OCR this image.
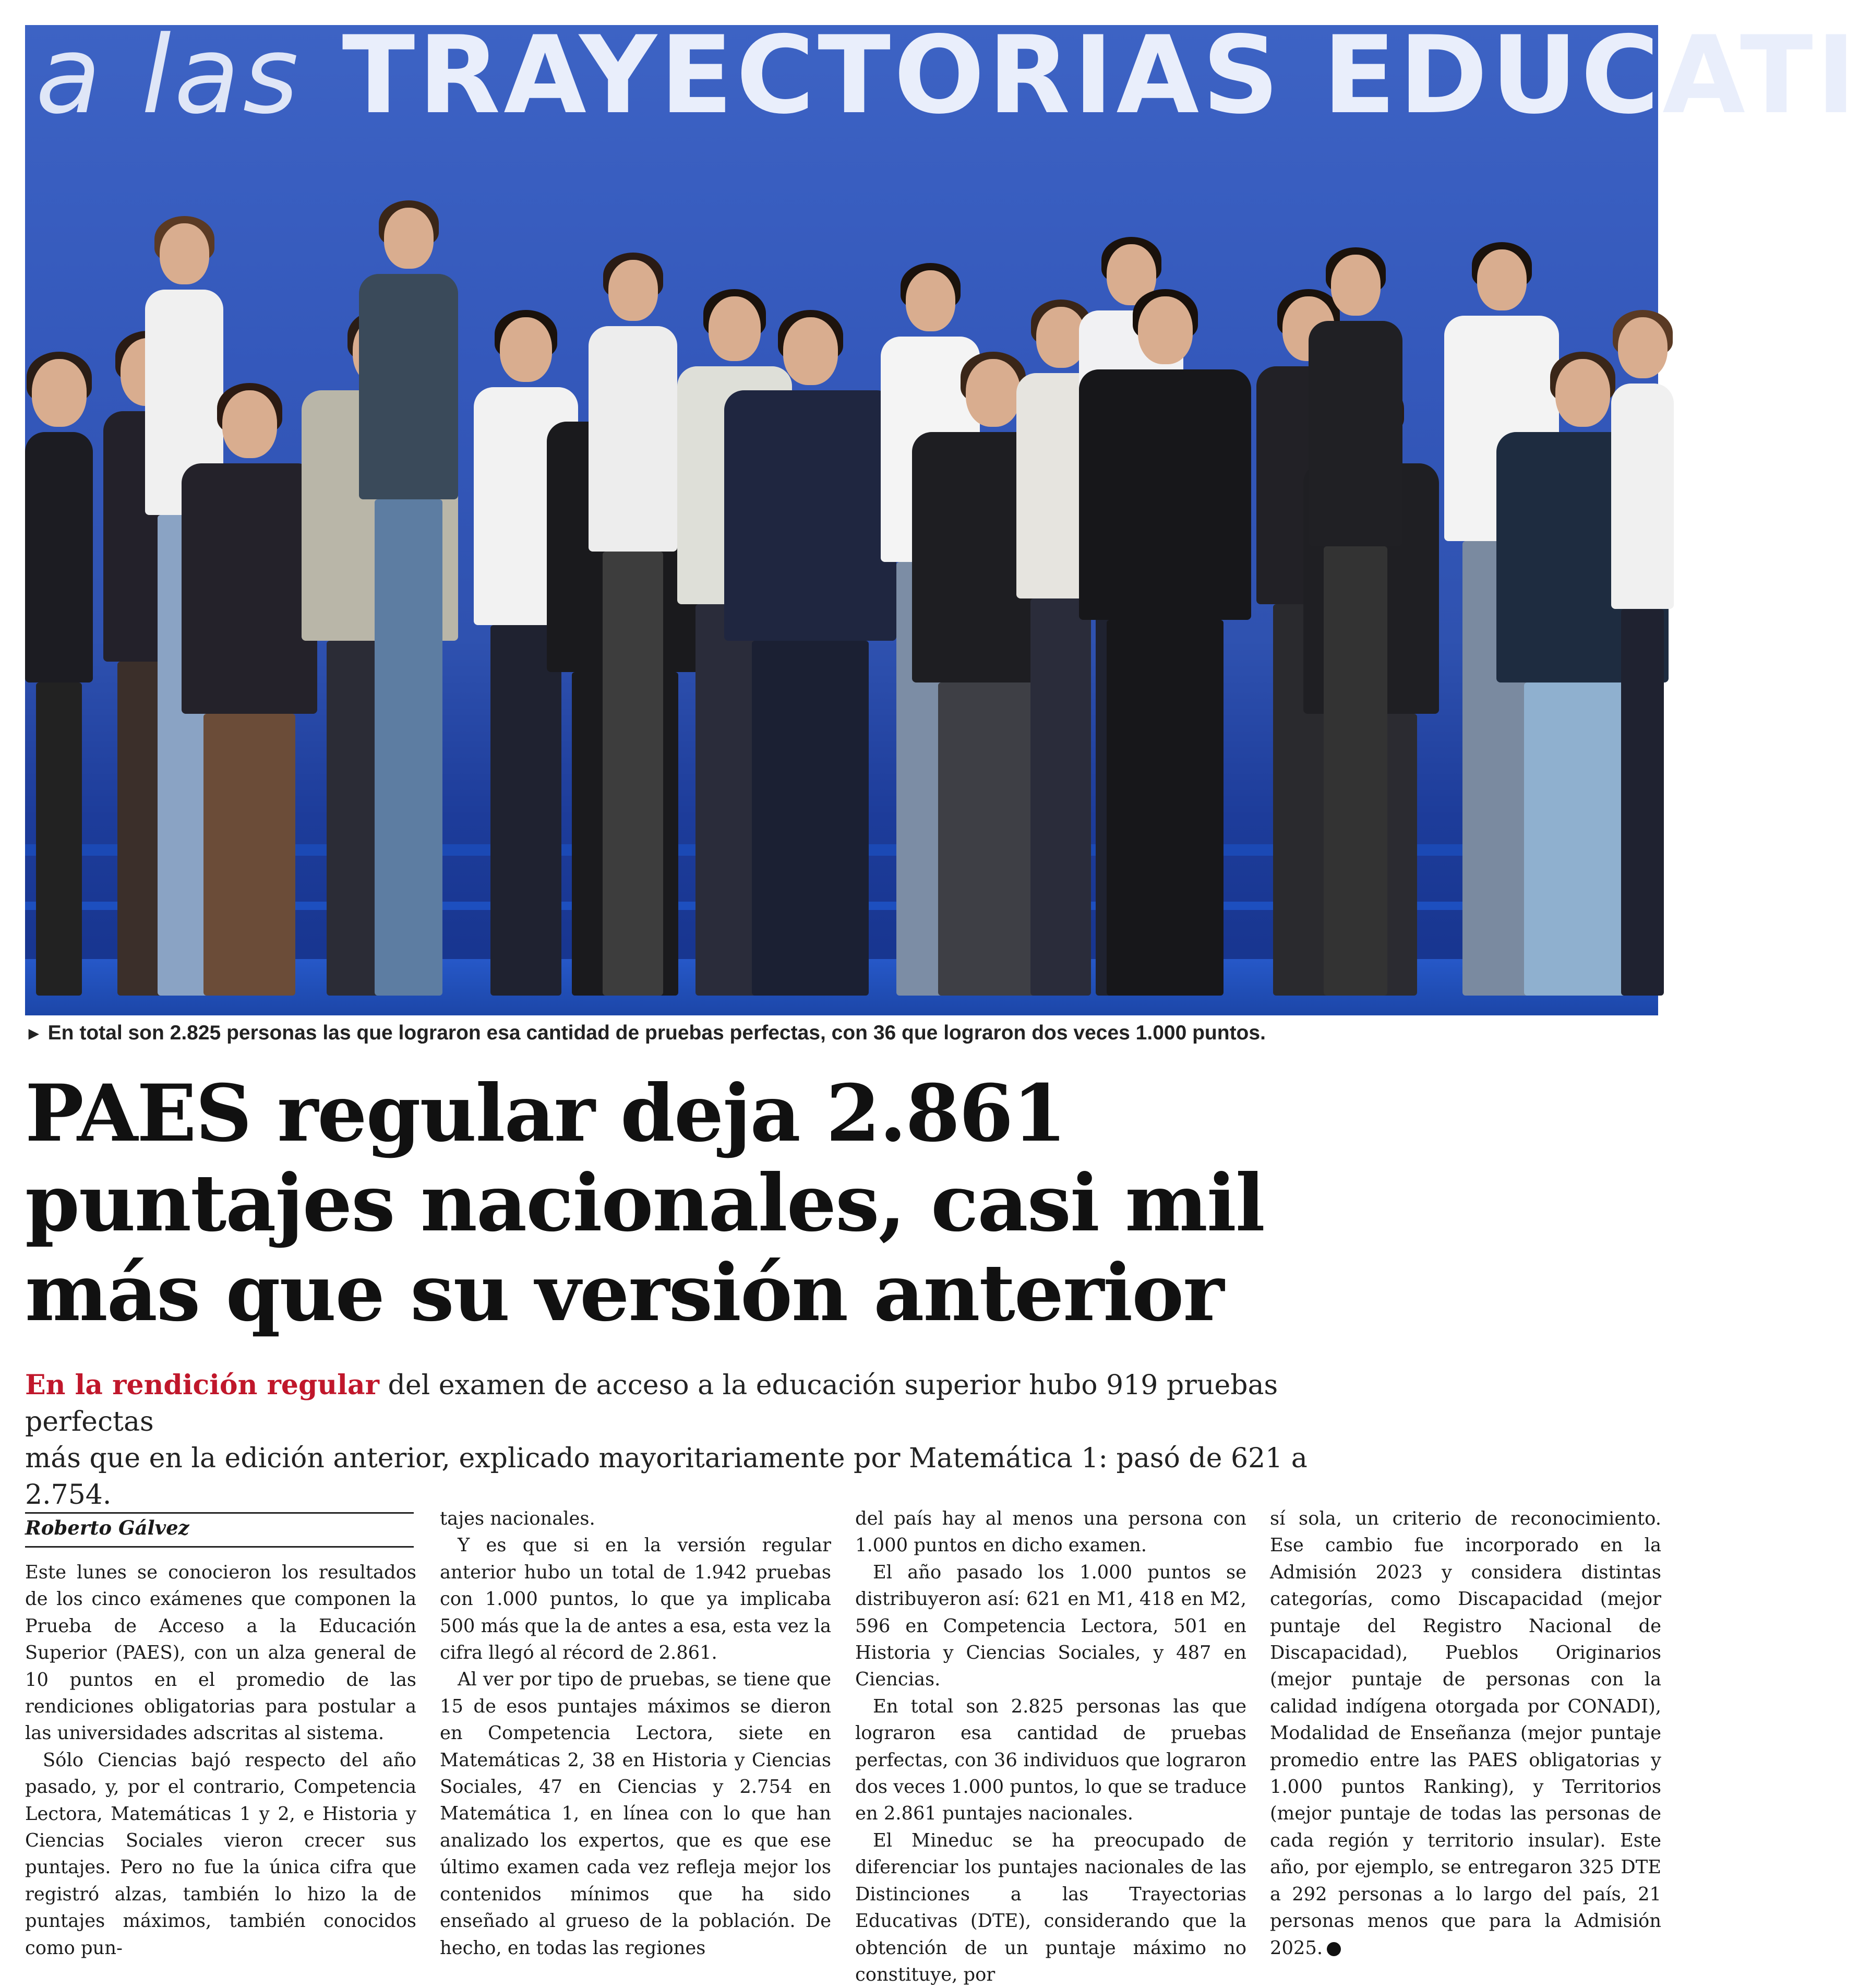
a las TRAYECTORIAS EDUCATI
► En total son 2.825 personas las que lograron esa cantidad de pruebas perfectas, con 36 que lograron dos veces 1.000 puntos.
PAES regular deja 2.861
puntajes nacionales, casi mil
más que su versión anterior
En la rendición regular del examen de acceso a la educación superior hubo 919 pruebas perfectas
más que en la edición anterior, explicado mayoritariamente por Matemática 1: pasó de 621 a 2.754.
Roberto Gálvez

Este lunes se conocieron los resultados de los cinco exámenes que componen la Prueba de Acceso a la Educación Superior (PAES), con un alza general de 10 puntos en el promedio de las rendiciones obligatorias para postular a las universidades adscritas al sistema.

Sólo Ciencias bajó respecto del año pasado, y, por el contrario, Competencia Lectora, Matemáticas 1 y 2, e Historia y Ciencias Sociales vieron crecer sus puntajes. Pero no fue la única cifra que registró alzas, también lo hizo la de puntajes máximos, también conocidos como pun-

tajes nacionales.

Y es que si en la versión regular anterior hubo un total de 1.942 pruebas con 1.000 puntos, lo que ya implicaba 500 más que la de antes a esa, esta vez la cifra llegó al récord de 2.861.

Al ver por tipo de pruebas, se tiene que 15 de esos puntajes máximos se dieron en Competencia Lectora, siete en Matemáticas 2, 38 en Historia y Ciencias Sociales, 47 en Ciencias y 2.754 en Matemática 1, en línea con lo que han analizado los expertos, que es que ese último examen cada vez refleja mejor los contenidos mínimos que ha sido enseñado al grueso de la población. De hecho, en todas las regiones

del país hay al menos una persona con 1.000 puntos en dicho examen.

El año pasado los 1.000 puntos se distribuyeron así: 621 en M1, 418 en M2, 596 en Competencia Lectora, 501 en Historia y Ciencias Sociales, y 487 en Ciencias.

En total son 2.825 personas las que lograron esa cantidad de pruebas perfectas, con 36 individuos que lograron dos veces 1.000 puntos, lo que se traduce en 2.861 puntajes nacionales.

El Mineduc se ha preocupado de diferenciar los puntajes nacionales de las Distinciones a las Trayectorias Educativas (DTE), considerando que la obtención de un puntaje máximo no constituye, por

sí sola, un criterio de reconocimiento. Ese cambio fue incorporado en la Admisión 2023 y considera distintas categorías, como Discapacidad (mejor puntaje del Registro Nacional de Discapacidad), Pueblos Originarios (mejor puntaje de personas con la calidad indígena otorgada por CONADI), Modalidad de Enseñanza (mejor puntaje promedio entre las PAES obligatorias y 1.000 puntos Ranking), y Territorios (mejor puntaje de todas las personas de cada región y territorio insular). Este año, por ejemplo, se entregaron 325 DTE a 292 personas a lo largo del país, 21 personas menos que para la Admisión 2025.
